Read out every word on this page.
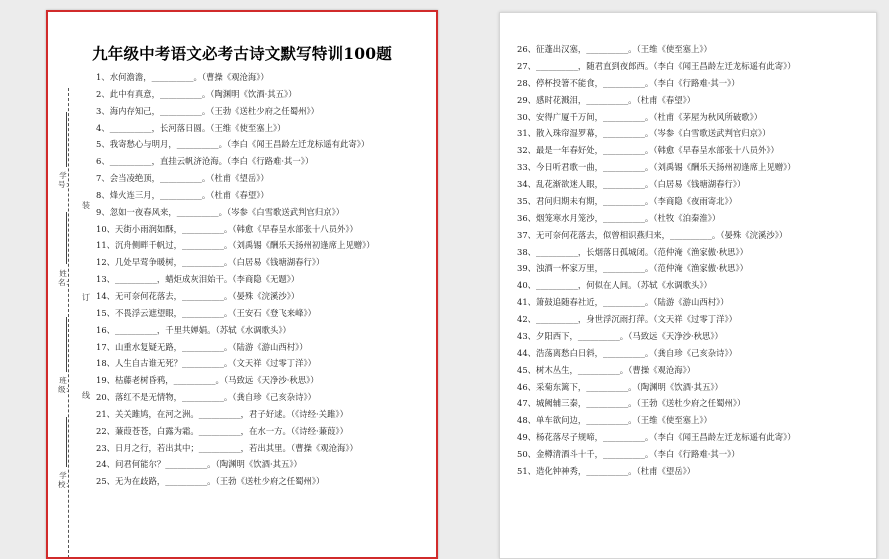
九年级中考语文必考古诗文默写特训100题
装
订
线
学号：
姓名：
班级：
学校：
1、水何澹澹，__________。（曹操《观沧海》）
2、此中有真意，__________。（陶渊明《饮酒·其五》）
3、海内存知己，__________。（王勃《送杜少府之任蜀州》）
4、__________，长河落日圆。（王维《使至塞上》）
5、我寄愁心与明月，__________。（李白《闻王昌龄左迁龙标遥有此寄》）
6、__________，直挂云帆济沧海。（李白《行路难·其一》）
7、会当凌绝顶，__________。（杜甫《望岳》）
8、烽火连三月，__________。（杜甫《春望》）
9、忽如一夜春风来，__________。（岑参《白雪歌送武判官归京》）
10、天街小雨润如酥，__________。（韩愈《早春呈水部张十八员外》）
11、沉舟侧畔千帆过，__________。（刘禹锡《酬乐天扬州初逢席上见赠》）
12、几处早莺争暖树，__________。（白居易《钱塘湖春行》）
13、__________，蜡炬成灰泪始干。（李商隐《无题》）
14、无可奈何花落去，__________。（晏殊《浣溪沙》）
15、不畏浮云遮望眼，__________。（王安石《登飞来峰》）
16、__________，千里共婵娟。（苏轼《水调歌头》）
17、山重水复疑无路，__________。（陆游《游山西村》）
18、人生自古谁无死？__________。（文天祥《过零丁洋》）
19、枯藤老树昏鸦，__________。（马致远《天净沙·秋思》）
20、落红不是无情物，__________。（龚自珍《己亥杂诗》）
21、关关雎鸠，在河之洲。__________，君子好逑。（《诗经·关雎》）
22、蒹葭苍苍，白露为霜。__________，在水一方。（《诗经·蒹葭》）
23、日月之行，若出其中；__________，若出其里。（曹操《观沧海》）
24、问君何能尔？__________。（陶渊明《饮酒·其五》）
25、无为在歧路，__________。（王勃《送杜少府之任蜀州》）
26、征蓬出汉塞，__________。（王维《使至塞上》）
27、__________，随君直到夜郎西。（李白《闻王昌龄左迁龙标遥有此寄》）
28、停杯投箸不能食，__________。（李白《行路难·其一》）
29、感时花溅泪，__________。（杜甫《春望》）
30、安得广厦千万间，__________。（杜甫《茅屋为秋风所破歌》）
31、散入珠帘湿罗幕，__________。（岑参《白雪歌送武判官归京》）
32、最是一年春好处，__________。（韩愈《早春呈水部张十八员外》）
33、今日听君歌一曲，__________。（刘禹锡《酬乐天扬州初逢席上见赠》）
34、乱花渐欲迷人眼，__________。（白居易《钱塘湖春行》）
35、君问归期未有期，__________。（李商隐《夜雨寄北》）
36、烟笼寒水月笼沙，__________。（杜牧《泊秦淮》）
37、无可奈何花落去，似曾相识燕归来，__________。（晏殊《浣溪沙》）
38、__________，长烟落日孤城闭。（范仲淹《渔家傲·秋思》）
39、浊酒一杯家万里，__________。（范仲淹《渔家傲·秋思》）
40、__________，何似在人间。（苏轼《水调歌头》）
41、箫鼓追随春社近，__________。（陆游《游山西村》）
42、__________，身世浮沉雨打萍。（文天祥《过零丁洋》）
43、夕阳西下，__________。（马致远《天净沙·秋思》）
44、浩荡离愁白日斜，__________。（龚自珍《己亥杂诗》）
45、树木丛生，__________。（曹操《观沧海》）
46、采菊东篱下，__________。（陶渊明《饮酒·其五》）
47、城阙辅三秦，__________。（王勃《送杜少府之任蜀州》）
48、单车欲问边，__________。（王维《使至塞上》）
49、杨花落尽子规啼，__________。（李白《闻王昌龄左迁龙标遥有此寄》）
50、金樽清酒斗十千，__________。（李白《行路难·其一》）
51、造化钟神秀，__________。（杜甫《望岳》）
